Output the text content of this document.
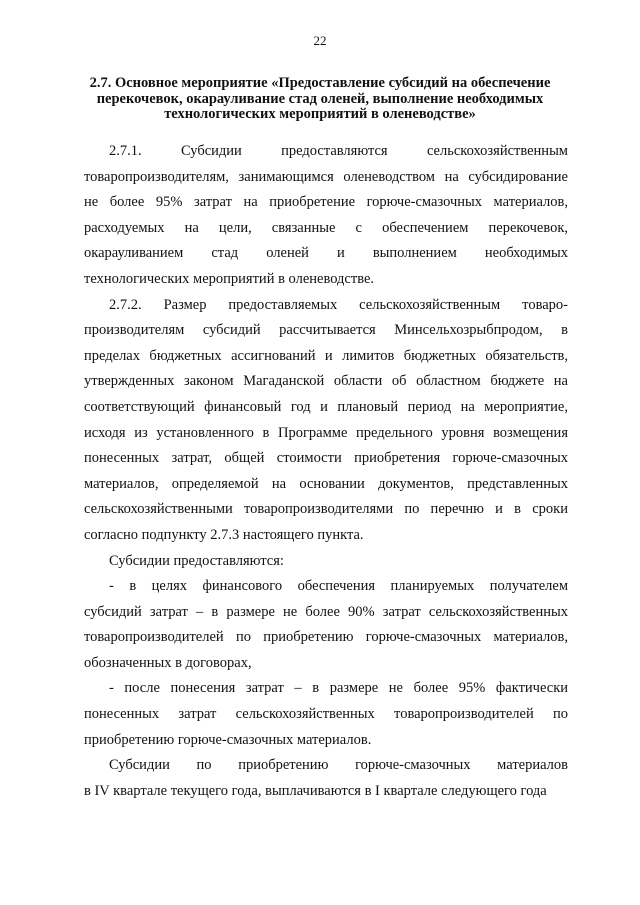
22
2.7. Основное мероприятие «Предоставление субсидий на обеспечение
перекочевок, окарауливание стад оленей, выполнение необходимых
технологических мероприятий в оленеводстве»
2.7.1. Субсидии предоставляются сельскохозяйственным
товаропроизводителям, занимающимся оленеводством на субсидирование
не более 95% затрат на приобретение горюче-смазочных материалов,
расходуемых на цели, связанные с обеспечением перекочевок,
окарауливанием стад оленей и выполнением необходимых
технологических мероприятий в оленеводстве.
2.7.2. Размер предоставляемых сельскохозяйственным товаро-
производителям субсидий рассчитывается Минсельхозрыбпродом, в
пределах бюджетных ассигнований и лимитов бюджетных обязательств,
утвержденных законом Магаданской области об областном бюджете на
соответствующий финансовый год и плановый период на мероприятие,
исходя из установленного в Программе предельного уровня возмещения
понесенных затрат, общей стоимости приобретения горюче-смазочных
материалов, определяемой на основании документов, представленных
сельскохозяйственными товаропроизводителями по перечню и в сроки
согласно подпункту 2.7.3 настоящего пункта.
Субсидии предоставляются:
- в целях финансового обеспечения планируемых получателем
субсидий затрат – в размере не более 90% затрат сельскохозяйственных
товаропроизводителей по приобретению горюче-смазочных материалов,
обозначенных в договорах,
- после понесения затрат – в размере не более 95% фактически
понесенных затрат сельскохозяйственных товаропроизводителей по
приобретению горюче-смазочных материалов.
Субсидии по приобретению горюче-смазочных материалов
в IV квартале текущего года, выплачиваются в I квартале следующего года
